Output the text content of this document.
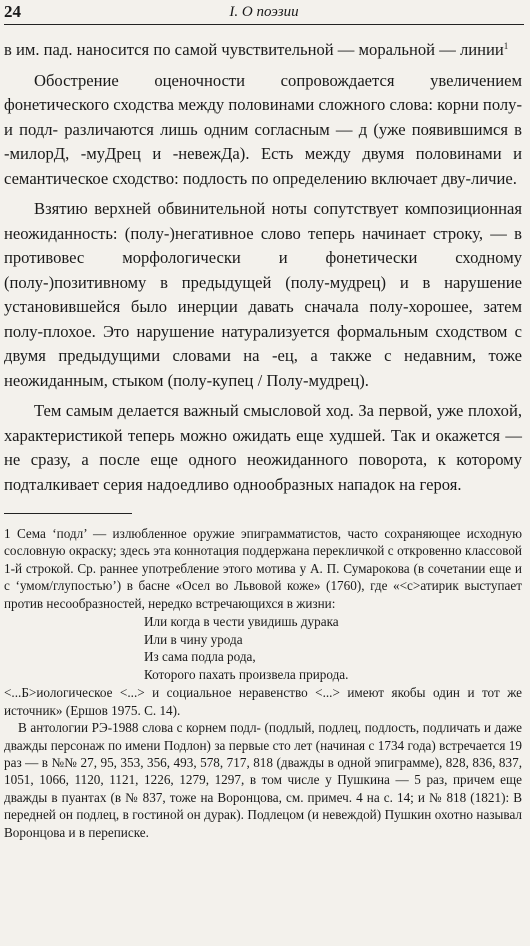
24	I. О поэзии

в им. пад. наносится по самой чувствительной — моральной — линии$^1$

Обострение оценочности сопровождается увеличением фонетического сходства между половинами сложного слова: корни полу- и подл- различаются лишь одним согласным — д (уже появившимся в -милорД, -муДрец и -невежДа). Есть между двумя половинами и семантическое сходство: подлость по определению включает дву-личие.

Взятию верхней обвинительной ноты сопутствует композиционная неожиданность: (полу-)негативное слово теперь начинает строку, — в противовес морфологически и фонетически сходному (полу-)позитивному в предыдущей (полу-мудрец) и в нарушение установившейся было инерции давать сначала полу-хорошее, затем полу-плохое. Это нарушение натурализуется формальным сходством с двумя предыдущими словами на -ец, а также с недавним, тоже неожиданным, стыком (полу-купец / Полу-мудрец).

Тем самым делается важный смысловой ход. За первой, уже плохой, характеристикой теперь можно ожидать еще худшей. Так и окажется — не сразу, а после еще одного неожиданного поворота, к которому подталкивает серия надоедливо однообразных нападок на героя.

1 Сема ‘подл’ — излюбленное оружие эпиграмматистов, часто сохраняющее исходную сословную окраску; здесь эта коннотация поддержана перекличкой с откровенно классовой 1-й строкой. Ср. раннее употребление этого мотива у А. П. Сумарокова (в сочетании еще и с ‘умом/глупостью’) в басне «Осел во Львовой коже» (1760), где «<с>атирик выступает против несообразностей, нередко встречающихся в жизни:

Или когда в чести увидишь дурака
Или в чину урода
Из сама подла рода,
Которого пахать произвела природа.

<...Б>иологическое <...> и социальное неравенство <...> имеют якобы один и тот же источник» (Ершов 1975. С. 14).

В антологии РЭ-1988 слова с корнем подл- (подлый, подлец, подлость, подличать и даже дважды персонаж по имени Подлон) за первые сто лет (начиная с 1734 года) встречается 19 раз — в №№ 27, 95, 353, 356, 493, 578, 717, 818 (дважды в одной эпиграмме), 828, 836, 837, 1051, 1066, 1120, 1121, 1226, 1279, 1297, в том числе у Пушкина — 5 раз, причем еще дважды в пуантах (в № 837, тоже на Воронцова, см. примеч. 4 на с. 14; и № 818 (1821): В передней он подлец, в гостиной он дурак). Подлецом (и невеждой) Пушкин охотно называл Воронцова и в переписке.
